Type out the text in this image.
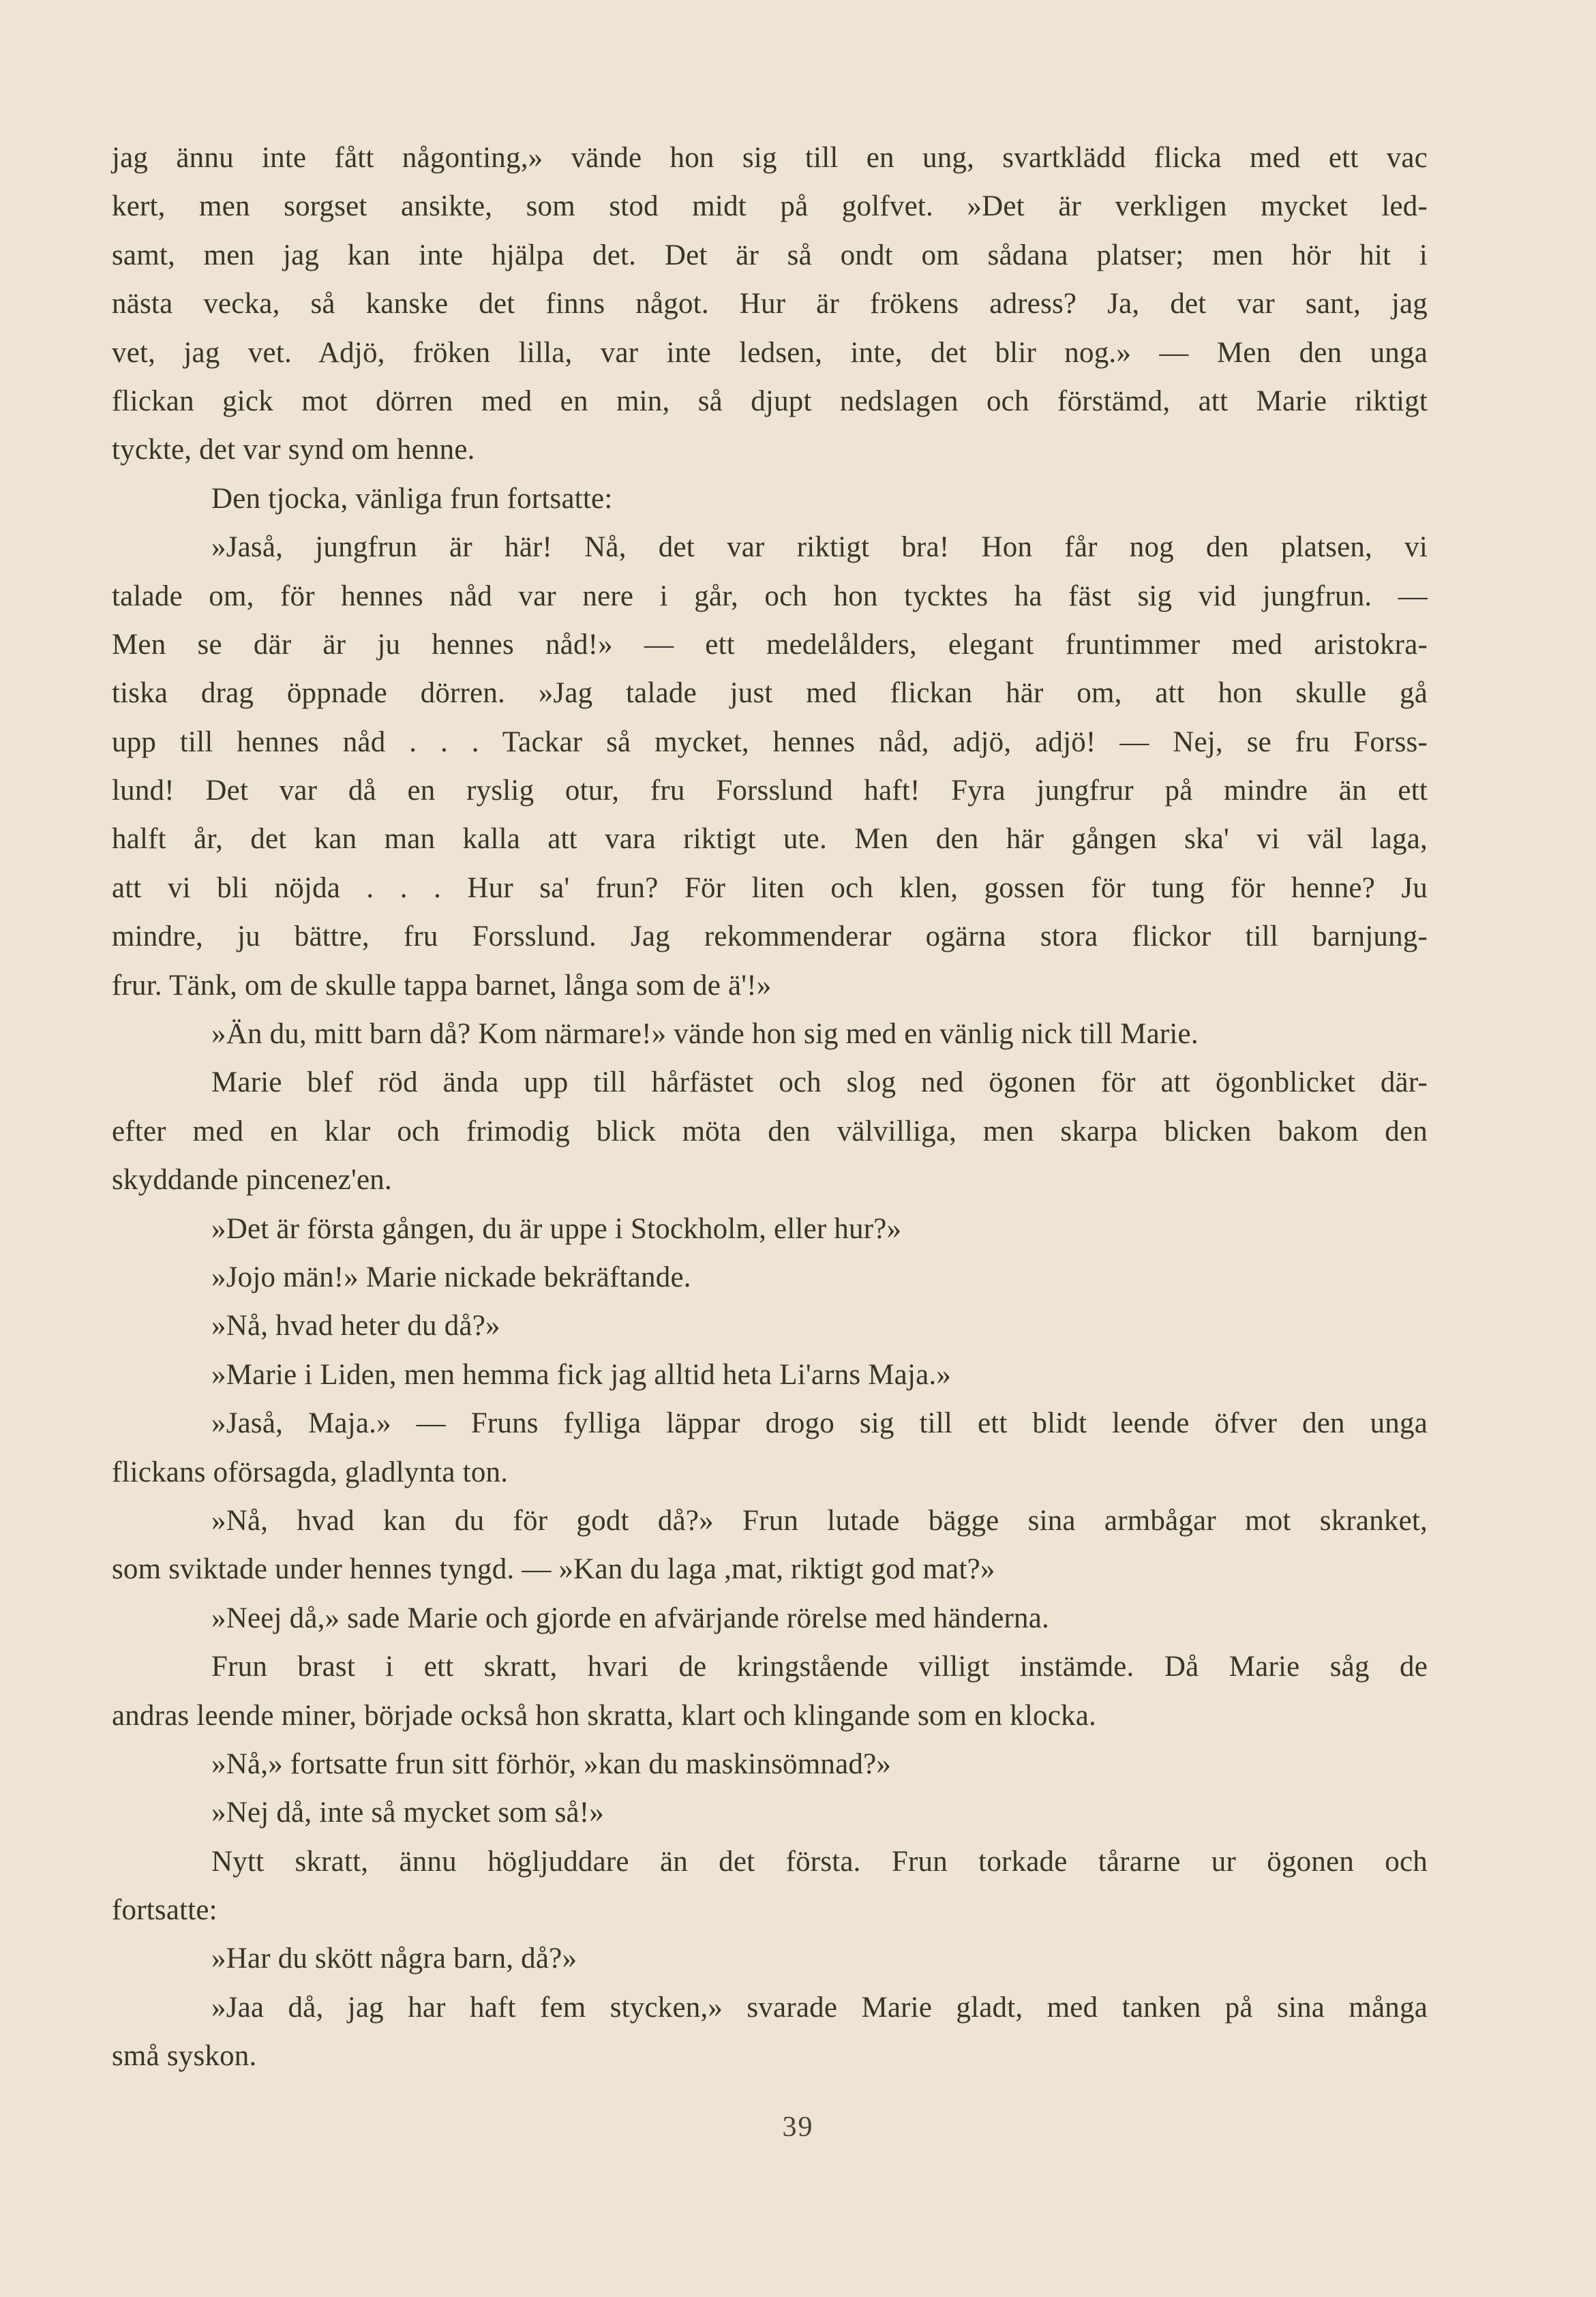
jag ännu inte fått någonting,» vände hon sig till en ung, svartklädd flicka med ett vac
kert, men sorgset ansikte, som stod midt på golfvet. »Det är verkligen mycket led-
samt, men jag kan inte hjälpa det. Det är så ondt om sådana platser; men hör hit i
nästa vecka, så kanske det finns något. Hur är frökens adress? Ja, det var sant, jag
vet, jag vet. Adjö, fröken lilla, var inte ledsen, inte, det blir nog.» — Men den unga
flickan gick mot dörren med en min, så djupt nedslagen och förstämd, att Marie riktigt
tyckte, det var synd om henne.
Den tjocka, vänliga frun fortsatte:
»Jaså, jungfrun är här! Nå, det var riktigt bra! Hon får nog den platsen, vi
talade om, för hennes nåd var nere i går, och hon tycktes ha fäst sig vid jungfrun. —
Men se där är ju hennes nåd!» — ett medelålders, elegant fruntimmer med aristokra-
tiska drag öppnade dörren. »Jag talade just med flickan här om, att hon skulle gå
upp till hennes nåd . . . Tackar så mycket, hennes nåd, adjö, adjö! — Nej, se fru Forss-
lund! Det var då en ryslig otur, fru Forsslund haft! Fyra jungfrur på mindre än ett
halft år, det kan man kalla att vara riktigt ute. Men den här gången ska' vi väl laga,
att vi bli nöjda . . . Hur sa' frun? För liten och klen, gossen för tung för henne? Ju
mindre, ju bättre, fru Forsslund. Jag rekommenderar ogärna stora flickor till barnjung-
frur. Tänk, om de skulle tappa barnet, långa som de ä'!»
»Än du, mitt barn då? Kom närmare!» vände hon sig med en vänlig nick till Marie.
Marie blef röd ända upp till hårfästet och slog ned ögonen för att ögonblicket där-
efter med en klar och frimodig blick möta den välvilliga, men skarpa blicken bakom den
skyddande pincenez'en.
»Det är första gången, du är uppe i Stockholm, eller hur?»
»Jojo män!» Marie nickade bekräftande.
»Nå, hvad heter du då?»
»Marie i Liden, men hemma fick jag alltid heta Li'arns Maja.»
»Jaså, Maja.» — Fruns fylliga läppar drogo sig till ett blidt leende öfver den unga
flickans oförsagda, gladlynta ton.
»Nå, hvad kan du för godt då?» Frun lutade bägge sina armbågar mot skranket,
som sviktade under hennes tyngd. — »Kan du laga ,mat, riktigt god mat?»
»Neej då,» sade Marie och gjorde en afvärjande rörelse med händerna.
Frun brast i ett skratt, hvari de kringstående villigt instämde. Då Marie såg de
andras leende miner, började också hon skratta, klart och klingande som en klocka.
»Nå,» fortsatte frun sitt förhör, »kan du maskinsömnad?»
»Nej då, inte så mycket som så!»
Nytt skratt, ännu högljuddare än det första. Frun torkade tårarne ur ögonen och
fortsatte:
»Har du skött några barn, då?»
»Jaa då, jag har haft fem stycken,» svarade Marie gladt, med tanken på sina många
små syskon.
39
